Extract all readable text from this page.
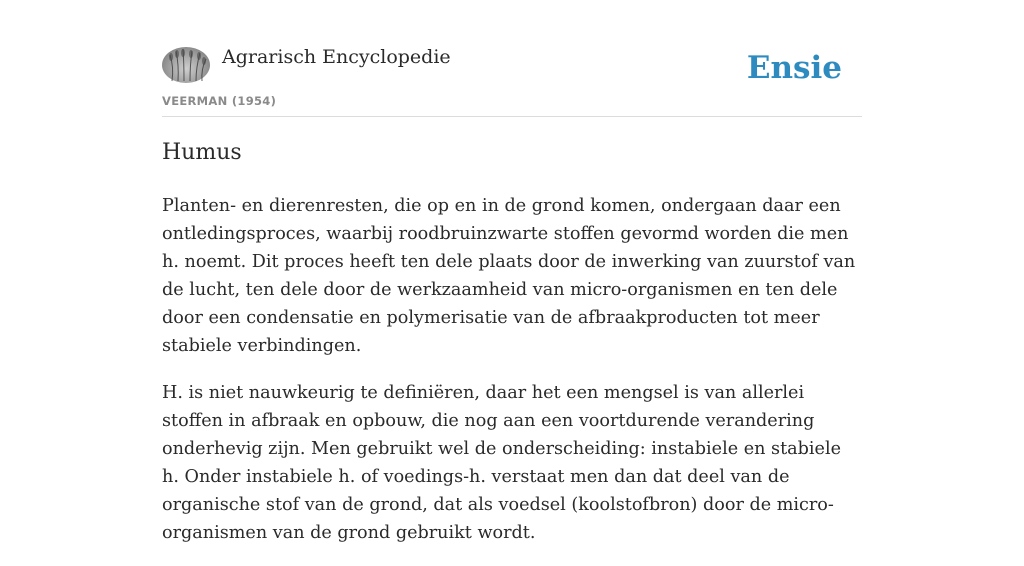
Agrarisch Encyclopedie
VEERMAN (1954)
Ensie
Humus

Planten- en dierenresten, die op en in de grond komen, ondergaan daar een ontledingsproces, waarbij roodbruinzwarte stoffen gevormd worden die men h. noemt. Dit proces heeft ten dele plaats door de inwerking van zuurstof van de lucht, ten dele door de werkzaamheid van micro-organismen en ten dele door een condensatie en polymerisatie van de afbraakproducten tot meer stabiele verbindingen.

H. is niet nauwkeurig te definiëren, daar het een mengsel is van allerlei stoffen in afbraak en opbouw, die nog aan een voortdurende verandering onderhevig zijn. Men gebruikt wel de onderscheiding: instabiele en stabiele h. Onder instabiele h. of voedings-h. verstaat men dan dat deel van de organische stof van de grond, dat als voedsel (koolstofbron) door de micro-organismen van de grond gebruikt wordt.
